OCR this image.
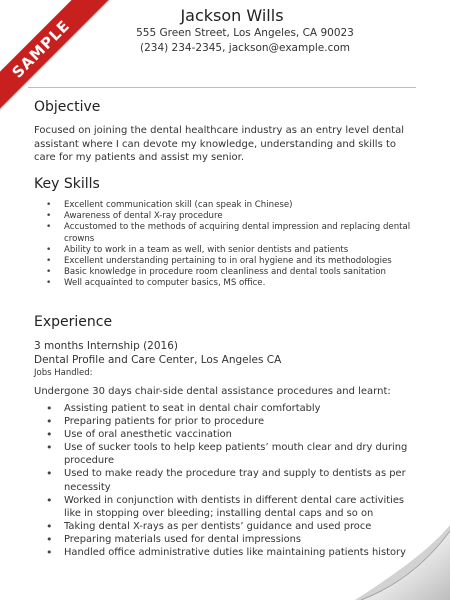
SAMPLE
Jackson Wills
555 Green Street, Los Angeles, CA 90023
(234) 234-2345, jackson@example.com
Objective

Focused on joining the dental healthcare industry as an entry level dental assistant where I can devote my knowledge, understanding and skills to care for my patients and assist my senior.

Key Skills
• Excellent communication skill (can speak in Chinese)
• Awareness of dental X-ray procedure
• Accustomed to the methods of acquiring dental impression and replacing dental crowns
• Ability to work in a team as well, with senior dentists and patients
• Excellent understanding pertaining to in oral hygiene and its methodologies
• Basic knowledge in procedure room cleanliness and dental tools sanitation
• Well acquainted to computer basics, MS office.
Experience
3 months Internship (2016)
Dental Profile and Care Center, Los Angeles CA
Jobs Handled:
Undergone 30 days chair-side dental assistance procedures and learnt:
• Assisting patient to seat in dental chair comfortably
• Preparing patients for prior to procedure
• Use of oral anesthetic vaccination
• Use of sucker tools to help keep patients’ mouth clear and dry during procedure
• Used to make ready the procedure tray and supply to dentists as per necessity
• Worked in conjunction with dentists in different dental care activities like in stopping over bleeding; installing dental caps and so on
• Taking dental X-rays as per dentists’ guidance and used proce
• Preparing materials used for dental impressions
• Handled office administrative duties like maintaining patients history
